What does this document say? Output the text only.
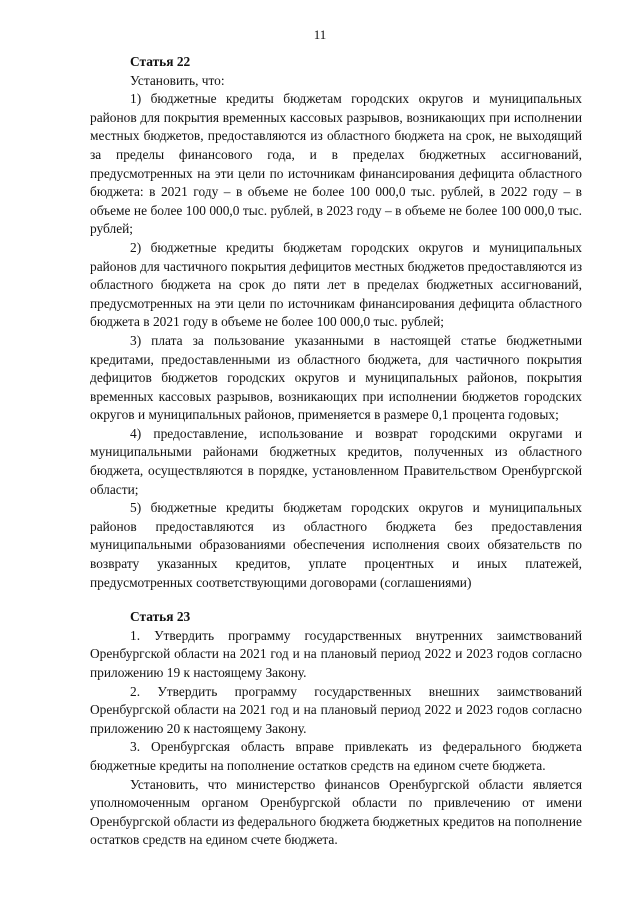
11

Статья 22

Установить, что:

1) бюджетные кредиты бюджетам городских округов и муниципальных районов для покрытия временных кассовых разрывов, возникающих при исполнении местных бюджетов, предоставляются из областного бюджета на срок, не выходящий за пределы финансового года, и в пределах бюджетных ассигнований, предусмотренных на эти цели по источникам финансирования дефицита областного бюджета: в 2021 году – в объеме не более 100 000,0 тыс. рублей, в 2022 году – в объеме не более 100 000,0 тыс. рублей, в 2023 году – в объеме не более 100 000,0 тыс. рублей;

2) бюджетные кредиты бюджетам городских округов и муниципальных районов для частичного покрытия дефицитов местных бюджетов предоставляются из областного бюджета на срок до пяти лет в пределах бюджетных ассигнований, предусмотренных на эти цели по источникам финансирования дефицита областного бюджета в 2021 году в объеме не более 100 000,0 тыс. рублей;

3) плата за пользование указанными в настоящей статье бюджетными кредитами, предоставленными из областного бюджета, для частичного покрытия дефицитов бюджетов городских округов и муниципальных районов, покрытия временных кассовых разрывов, возникающих при исполнении бюджетов городских округов и муниципальных районов, применяется в размере 0,1 процента годовых;

4) предоставление, использование и возврат городскими округами и муниципальными районами бюджетных кредитов, полученных из областного бюджета, осуществляются в порядке, установленном Правительством Оренбургской области;

5) бюджетные кредиты бюджетам городских округов и муниципальных районов предоставляются из областного бюджета без предоставления муниципальными образованиями обеспечения исполнения своих обязательств по возврату указанных кредитов, уплате процентных и иных платежей, предусмотренных соответствующими договорами (соглашениями)

Статья 23

1. Утвердить программу государственных внутренних заимствований Оренбургской области на 2021 год и на плановый период 2022 и 2023 годов согласно приложению 19 к настоящему Закону.

2. Утвердить программу государственных внешних заимствований Оренбургской области на 2021 год и на плановый период 2022 и 2023 годов согласно приложению 20 к настоящему Закону.

3. Оренбургская область вправе привлекать из федерального бюджета бюджетные кредиты на пополнение остатков средств на едином счете бюджета.

Установить, что министерство финансов Оренбургской области является уполномоченным органом Оренбургской области по привлечению от имени Оренбургской области из федерального бюджета бюджетных кредитов на пополнение остатков средств на едином счете бюджета.
